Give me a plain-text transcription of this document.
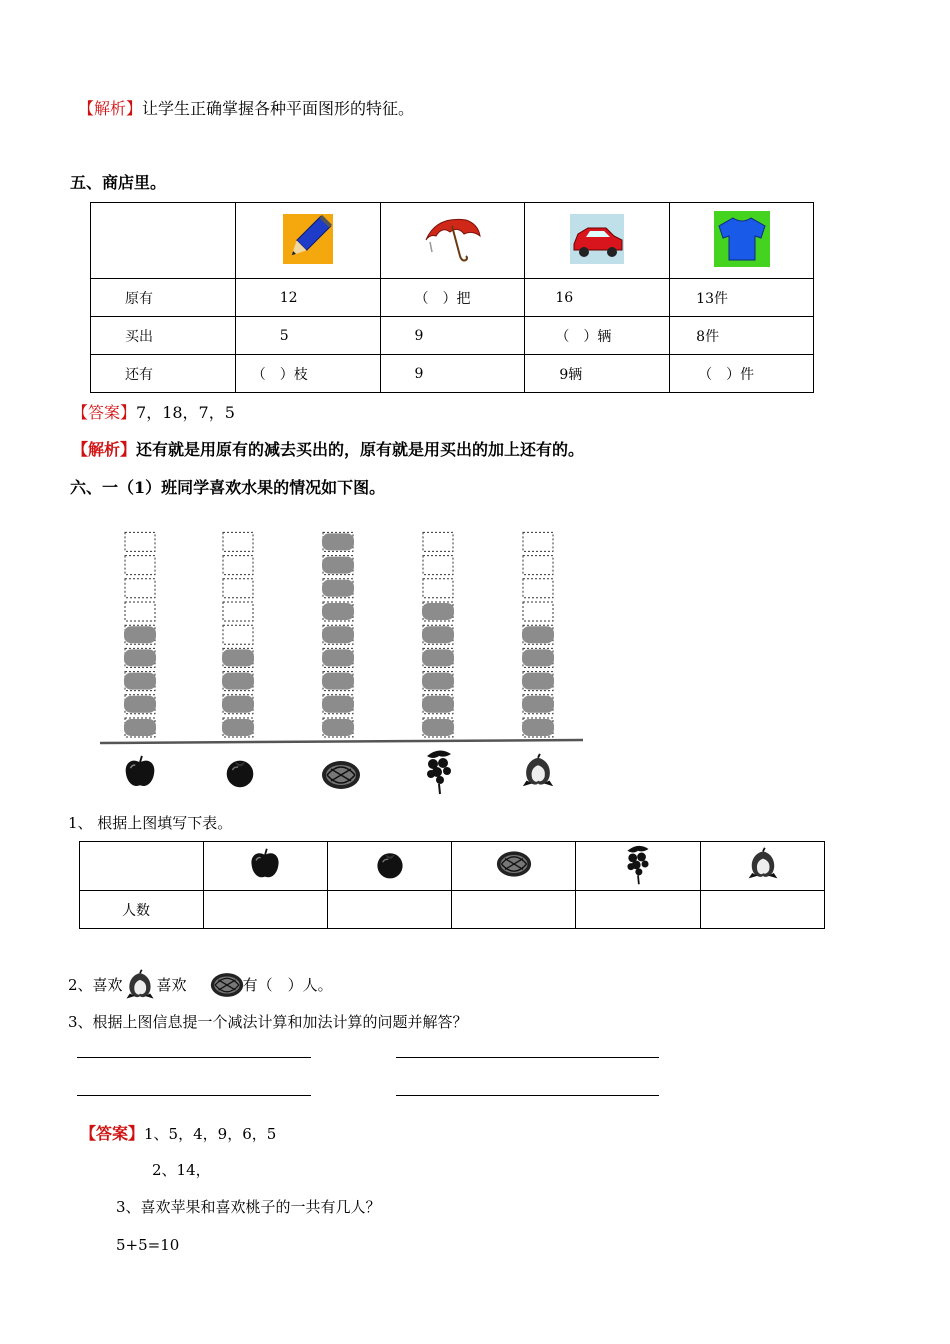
【解析】让学生正确掌握各种平面图形的特征。
五、商店里。

原有	12	（　）把	16	13件
买出	5	9	（　）辆	8件
还有	（　）枝	9	9辆	（　）件
【答案】7，18，7，5
【解析】还有就是用原有的减去买出的，原有就是用买出的加上还有的。
六、一（1）班同学喜欢水果的情况如下图。
1、 根据上图填写下表。

人数					
2、喜欢 喜欢	有（　）人。
3、根据上图信息提一个减法计算和加法计算的问题并解答？
【答案】1、5，4，9，6，5
2、14，
3、喜欢苹果和喜欢桃子的一共有几人？
5+5=10
